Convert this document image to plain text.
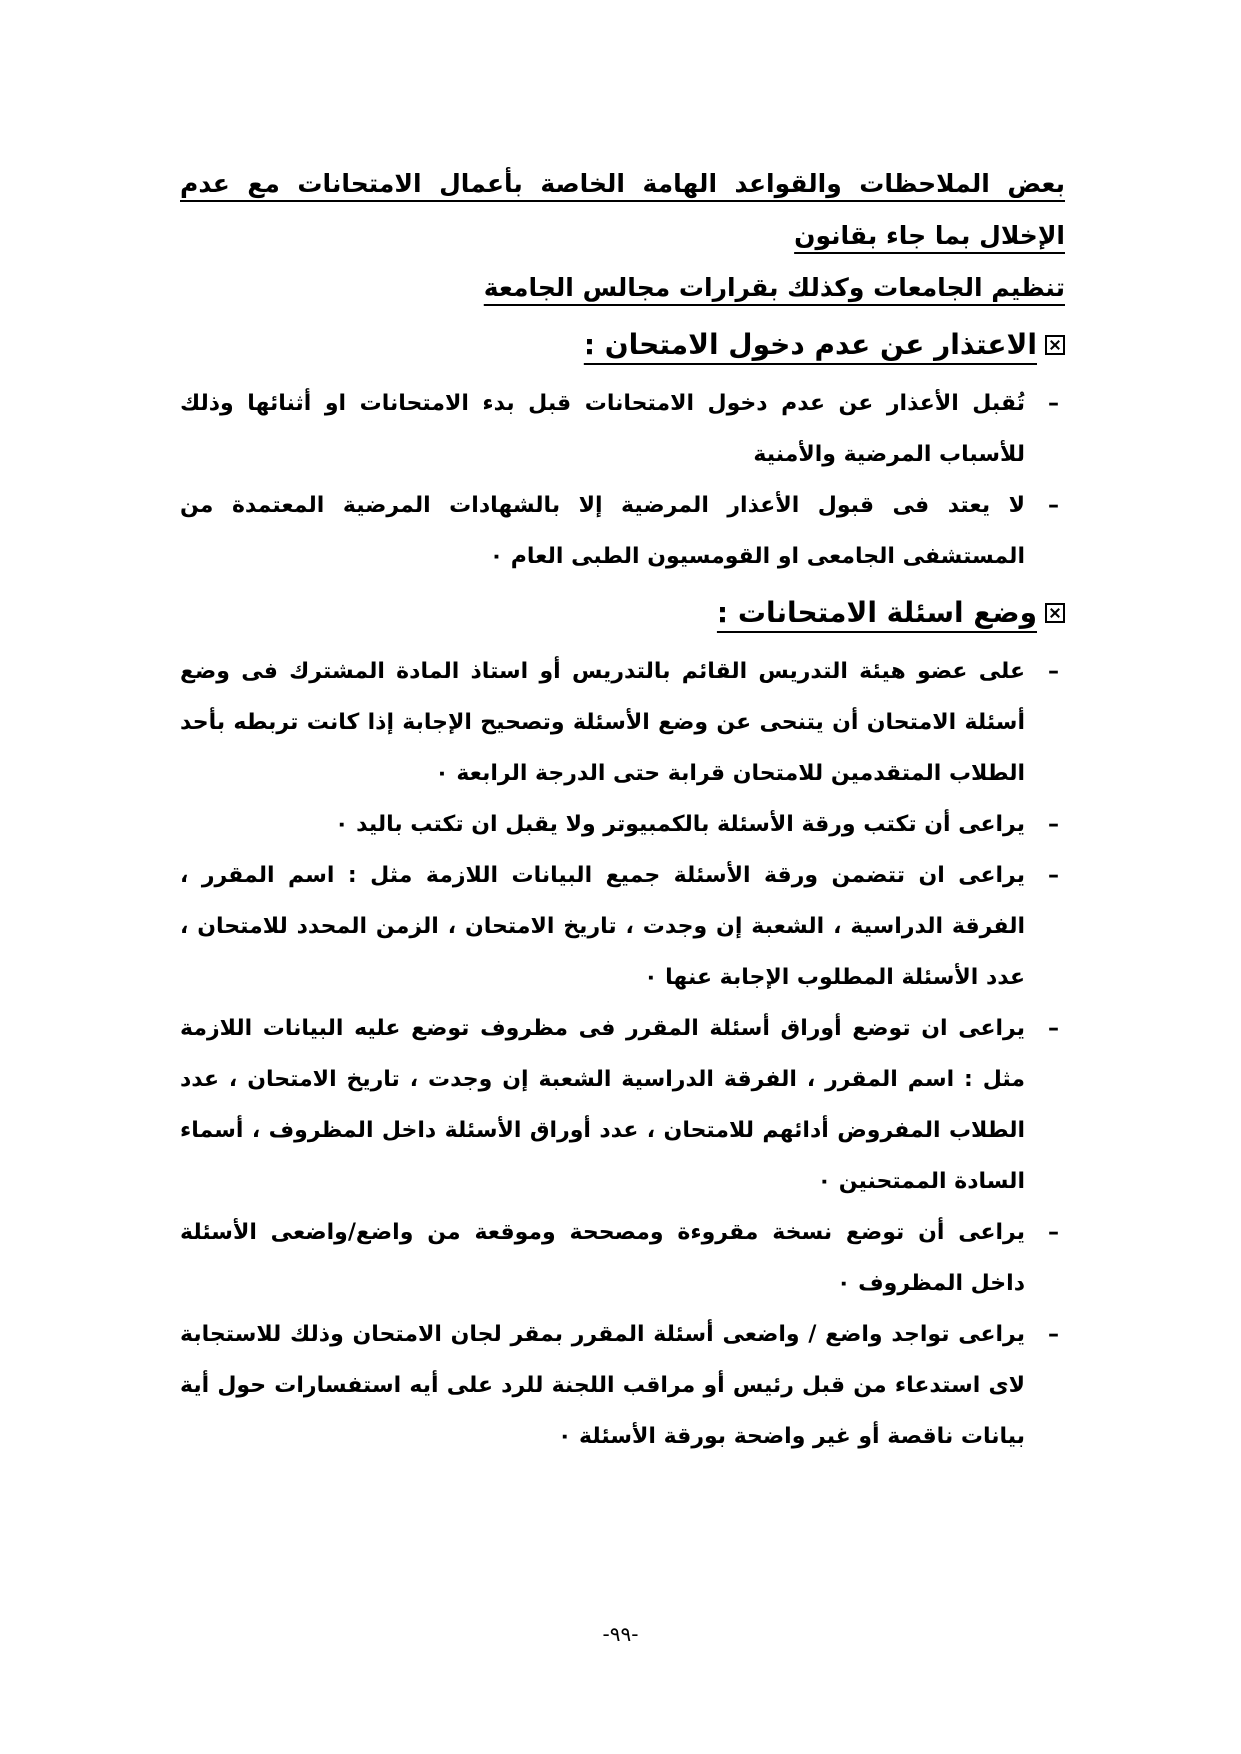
بعض الملاحظات والقواعد الهامة الخاصة بأعمال الامتحانات مع عدم الإخلال بما جاء بقانون
تنظيم الجامعات وكذلك بقرارات مجالس الجامعة
الاعتذار عن عدم دخول الامتحان :
–
تُقبل الأعذار عن عدم دخول الامتحانات قبل بدء الامتحانات او أثنائها وذلك للأسباب المرضية والأمنية
–
لا يعتد فى قبول الأعذار المرضية إلا بالشهادات المرضية المعتمدة من المستشفى الجامعى او القومسيون الطبى العام ٠
وضع اسئلة الامتحانات :
–
على عضو هيئة التدريس القائم بالتدريس أو استاذ المادة المشترك فى وضع أسئلة الامتحان أن يتنحى عن وضع الأسئلة وتصحيح الإجابة إذا كانت تربطه بأحد الطلاب المتقدمين للامتحان قرابة حتى الدرجة الرابعة ٠
–
يراعى أن تكتب ورقة الأسئلة بالكمبيوتر ولا يقبل ان تكتب باليد ٠
–
يراعى ان تتضمن ورقة الأسئلة جميع البيانات اللازمة مثل : اسم المقرر ، الفرقة الدراسية ، الشعبة إن وجدت ، تاريخ الامتحان ، الزمن المحدد للامتحان ، عدد الأسئلة المطلوب الإجابة عنها ٠
–
يراعى ان توضع أوراق أسئلة المقرر فى مظروف توضع عليه البيانات اللازمة مثل : اسم المقرر ، الفرقة الدراسية الشعبة إن وجدت ، تاريخ الامتحان ، عدد الطلاب المفروض أدائهم للامتحان ، عدد أوراق الأسئلة داخل المظروف ، أسماء السادة الممتحنين ٠
–
يراعى أن توضع نسخة مقروءة ومصححة وموقعة من واضع/واضعى الأسئلة داخل المظروف ٠
–
يراعى تواجد واضع / واضعى أسئلة المقرر بمقر لجان الامتحان وذلك للاستجابة لاى استدعاء من قبل رئيس أو مراقب اللجنة للرد على أيه استفسارات حول أية بيانات ناقصة أو غير واضحة بورقة الأسئلة ٠
-٩٩-
